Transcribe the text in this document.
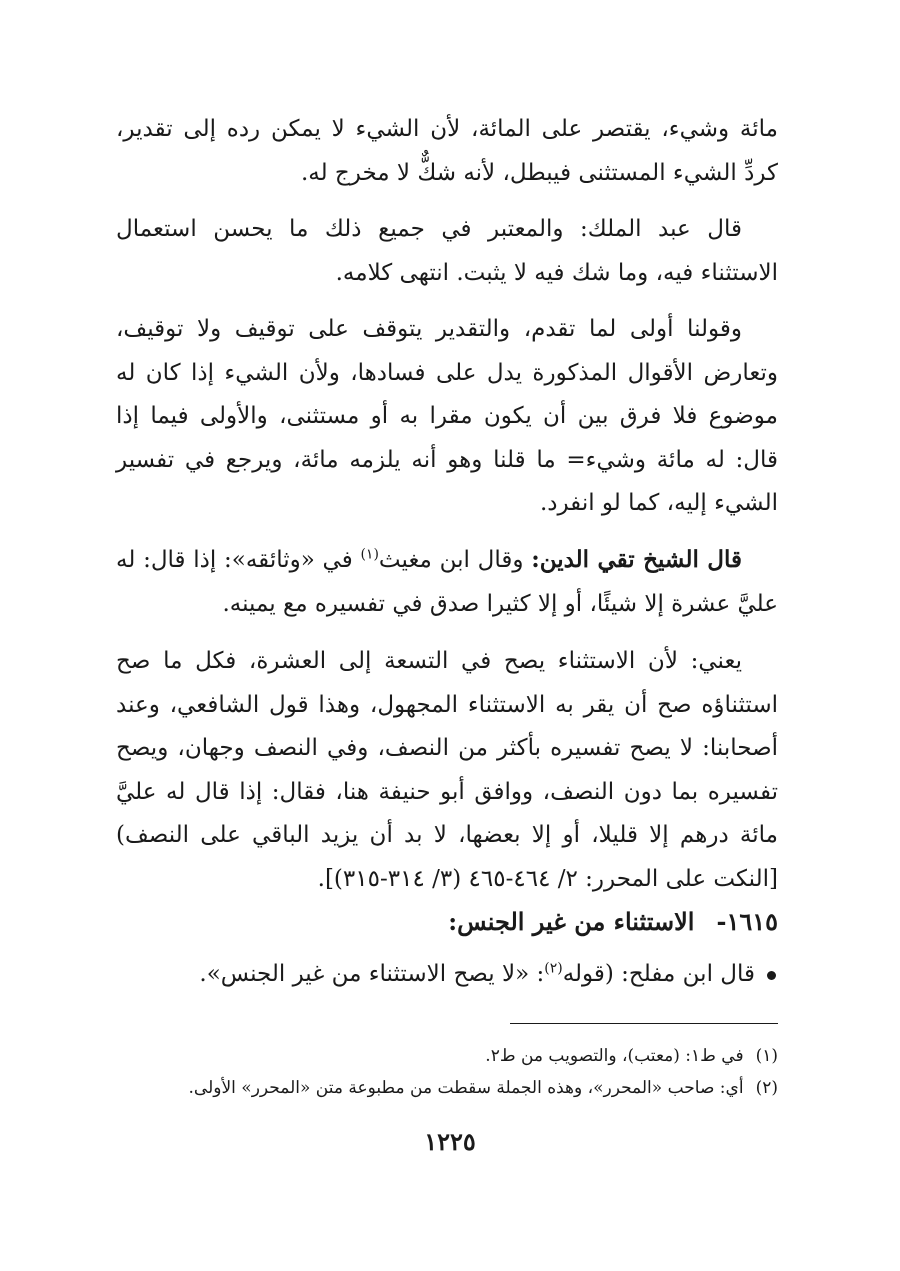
مائة وشيء، يقتصر على المائة، لأن الشيء لا يمكن رده إلى تقدير، كردِّ الشيء المستثنى فيبطل، لأنه شكٌّ لا مخرج له.

قال عبد الملك: والمعتبر في جميع ذلك ما يحسن استعمال الاستثناء فيه، وما شك فيه لا يثبت. انتهى كلامه.

وقولنا أولى لما تقدم، والتقدير يتوقف على توقيف ولا توقيف، وتعارض الأقوال المذكورة يدل على فسادها، ولأن الشيء إذا كان له موضوع فلا فرق بين أن يكون مقرا به أو مستثنى، والأولى فيما إذا قال: له مائة وشيء= ما قلنا وهو أنه يلزمه مائة، ويرجع في تفسير الشيء إليه، كما لو انفرد.

قال الشيخ تقي الدين: وقال ابن مغيث$^{(١)}$ في «وثائقه»: إذا قال: له عليَّ عشرة إلا شيئًا، أو إلا كثيرا صدق في تفسيره مع يمينه.

يعني: لأن الاستثناء يصح في التسعة إلى العشرة، فكل ما صح استثناؤه صح أن يقر به الاستثناء المجهول، وهذا قول الشافعي، وعند أصحابنا: لا يصح تفسيره بأكثر من النصف، وفي النصف وجهان، ويصح تفسيره بما دون النصف، ووافق أبو حنيفة هنا، فقال: إذا قال له عليَّ مائة درهم إلا قليلا، أو إلا بعضها، لا بد أن يزيد الباقي على النصف) [النكت على المحرر: ٢/ ٤٦٤-٤٦٥ (٣/ ٣١٤-٣١٥)].

١٦١٥-الاستثناء من غير الجنس:
قال ابن مفلح: (قوله$^{(٢)}$: «لا يصح الاستثناء من غير الجنس».

(١)في ط١: (معتب)، والتصويب من ط٢.

(٢)أي: صاحب «المحرر»، وهذه الجملة سقطت من مطبوعة متن «المحرر» الأولى.

١٢٢٥
